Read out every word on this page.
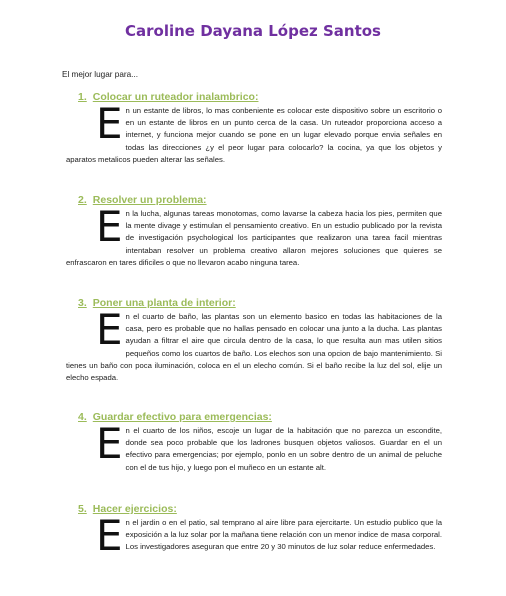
Caroline Dayana López Santos
El mejor lugar para...
1. Colocar un ruteador inalambrico:
E n un estante de libros, lo mas conbeniente es colocar este dispositivo sobre un escritorio o en un estante de libros en un punto cerca de la casa. Un ruteador proporciona acceso a internet, y funciona mejor cuando se pone en un lugar elevado porque envia señales en todas las direcciones ¿y el peor lugar para colocarlo? la cocina, ya que los objetos y aparatos metalicos pueden alterar las señales.
2. Resolver un problema:
E n la lucha, algunas tareas monotomas, como lavarse la cabeza hacia los pies, permiten que la mente divage y estimulan el pensamiento creativo. En un estudio publicado por la revista de investigación psychological los participantes que realizaron una tarea facil mientras intentaban resolver un problema creativo allaron mejores soluciones que quieres se enfrascaron en tares dificiles o que no llevaron acabo ninguna tarea.
3. Poner una planta de interior:
E n el cuarto de baño, las plantas son un elemento basico en todas las habitaciones de la casa, pero es probable que no hallas pensado en colocar una junto a la ducha. Las plantas ayudan a filtrar el aire que circula dentro de la casa, lo que resulta aun mas utilen sitios pequeños como los cuartos de baño. Los elechos son una opcion de bajo mantenimiento. Si tienes un baño con poca iluminación, coloca en el un elecho común. Si el baño recibe la luz del sol, elije un elecho espada.
4. Guardar efectivo para emergencias:
E n el cuarto de los niños, escoje un lugar de la habitación que no parezca un escondite, donde sea poco probable que los ladrones busquen objetos valiosos. Guardar en el un efectivo para emergencias; por ejemplo, ponlo en un sobre dentro de un animal de peluche con el de tus hijo, y luego pon el muñeco en un estante alt.
5. Hacer ejercicios:
E n el jardin o en el patio, sal temprano al aire libre para ejercitarte. Un estudio publico que la exposición a la luz solar por la mañana tiene relación con un menor indice de masa corporal. Los investigadores aseguran que entre 20 y 30 minutos de luz solar reduce enfermedades.
